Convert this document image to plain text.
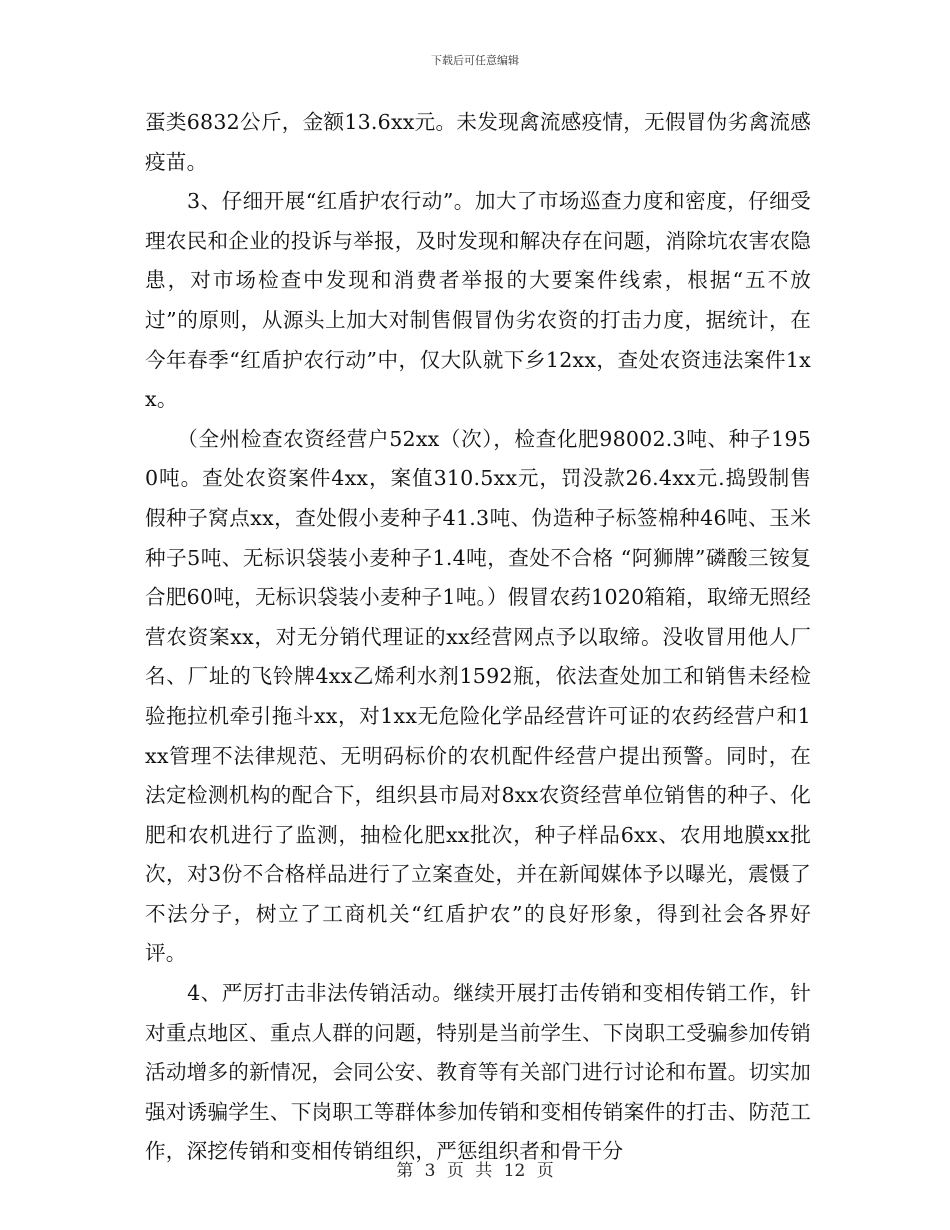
下载后可任意编辑

蛋类6832公斤，金额13.6xx元。未发现禽流感疫情，无假冒伪劣禽流感疫苗。

　　3、仔细开展“红盾护农行动”。加大了市场巡查力度和密度，仔细受理农民和企业的投诉与举报，及时发现和解决存在问题，消除坑农害农隐患，对市场检查中发现和消费者举报的大要案件线索，根据“五不放过”的原则，从源头上加大对制售假冒伪劣农资的打击力度，据统计，在今年春季“红盾护农行动”中，仅大队就下乡12xx，查处农资违法案件1xx。

　　（全州检查农资经营户52xx（次），检查化肥98002.3吨、种子1950吨。查处农资案件4xx，案值310.5xx元，罚没款26.4xx元.捣毁制售假种子窝点xx，查处假小麦种子41.3吨、伪造种子标签棉种46吨、玉米种子5吨、无标识袋装小麦种子1.4吨，查处不合格 “阿狮牌”磷酸三铵复合肥60吨，无标识袋装小麦种子1吨。）假冒农药1020箱箱，取缔无照经营农资案xx，对无分销代理证的xx经营网点予以取缔。没收冒用他人厂名、厂址的飞铃牌4xx乙烯利水剂1592瓶，依法查处加工和销售未经检验拖拉机牵引拖斗xx，对1xx无危险化学品经营许可证的农药经营户和1xx管理不法律规范、无明码标价的农机配件经营户提出预警。同时，在法定检测机构的配合下，组织县市局对8xx农资经营单位销售的种子、化肥和农机进行了监测，抽检化肥xx批次，种子样品6xx、农用地膜xx批次，对3份不合格样品进行了立案查处，并在新闻媒体予以曝光，震慑了不法分子，树立了工商机关“红盾护农”的良好形象，得到社会各界好评。

　　4、严厉打击非法传销活动。继续开展打击传销和变相传销工作，针对重点地区、重点人群的问题，特别是当前学生、下岗职工受骗参加传销活动增多的新情况，会同公安、教育等有关部门进行讨论和布置。切实加强对诱骗学生、下岗职工等群体参加传销和变相传销案件的打击、防范工作，深挖传销和变相传销组织，严惩组织者和骨干分

第 3 页 共 12 页
